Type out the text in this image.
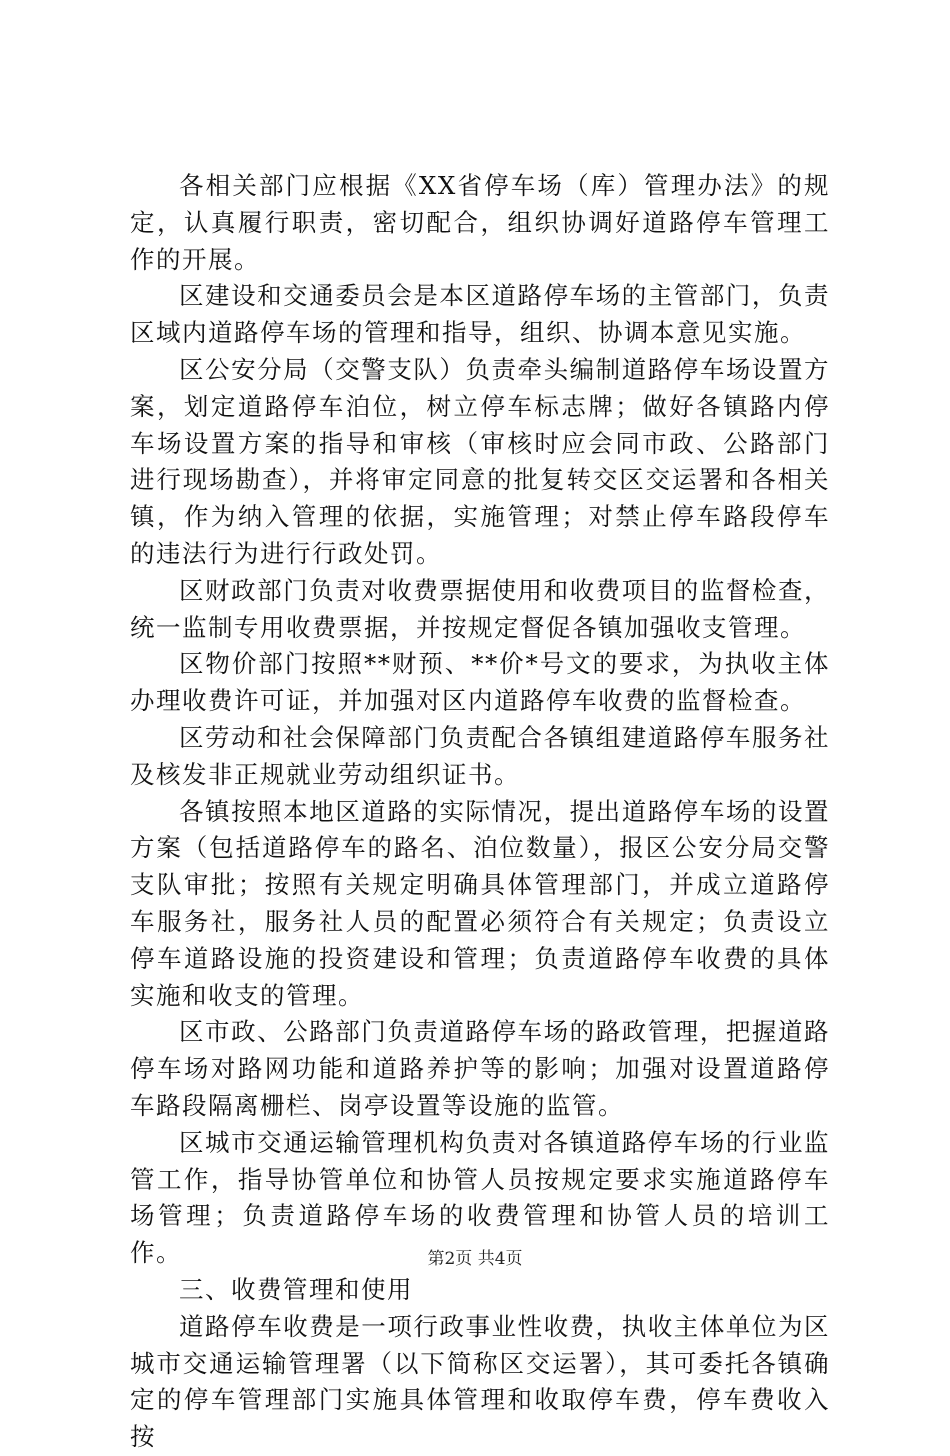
各相关部门应根据《XX省停车场（库）管理办法》的规定，认真履行职责，密切配合，组织协调好道路停车管理工作的开展。

区建设和交通委员会是本区道路停车场的主管部门，负责区域内道路停车场的管理和指导，组织、协调本意见实施。

区公安分局（交警支队）负责牵头编制道路停车场设置方案，划定道路停车泊位，树立停车标志牌；做好各镇路内停车场设置方案的指导和审核（审核时应会同市政、公路部门进行现场勘查），并将审定同意的批复转交区交运署和各相关镇，作为纳入管理的依据，实施管理；对禁止停车路段停车的违法行为进行行政处罚。

区财政部门负责对收费票据使用和收费项目的监督检查，统一监制专用收费票据，并按规定督促各镇加强收支管理。

区物价部门按照**财预、**价*号文的要求，为执收主体办理收费许可证，并加强对区内道路停车收费的监督检查。

区劳动和社会保障部门负责配合各镇组建道路停车服务社及核发非正规就业劳动组织证书。

各镇按照本地区道路的实际情况，提出道路停车场的设置方案（包括道路停车的路名、泊位数量），报区公安分局交警支队审批；按照有关规定明确具体管理部门，并成立道路停车服务社，服务社人员的配置必须符合有关规定；负责设立停车道路设施的投资建设和管理；负责道路停车收费的具体实施和收支的管理。

区市政、公路部门负责道路停车场的路政管理，把握道路停车场对路网功能和道路养护等的影响；加强对设置道路停车路段隔离栅栏、岗亭设置等设施的监管。

区城市交通运输管理机构负责对各镇道路停车场的行业监管工作，指导协管单位和协管人员按规定要求实施道路停车场管理；负责道路停车场的收费管理和协管人员的培训工作。

三、收费管理和使用

道路停车收费是一项行政事业性收费，执收主体单位为区城市交通运输管理署（以下简称区交运署），其可委托各镇确定的停车管理部门实施具体管理和收取停车费，停车费收入按

第2页 共4页
